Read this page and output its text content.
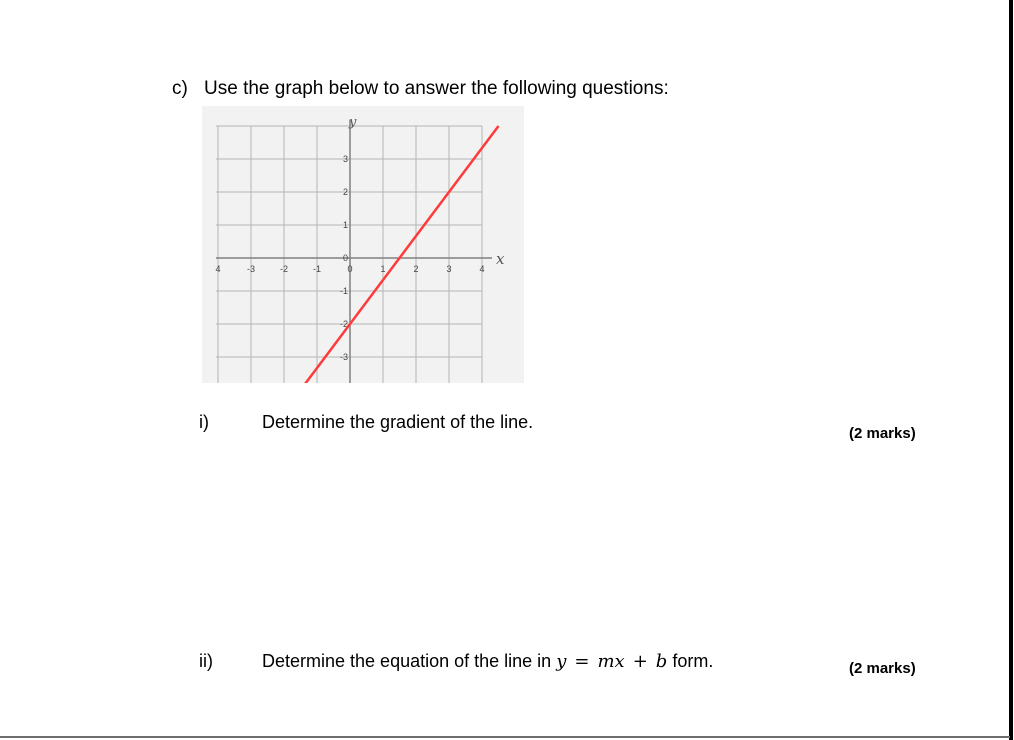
c) Use the graph below to answer the following questions:
4	-3	-2	-1	0	1	2	3	4
3
2
1
0
-1
-2
-3
y
x
i)	Determine the gradient of the line.
(2 marks)
ii)	Determine the equation of the line in y = mx + b form.	(2 marks)
